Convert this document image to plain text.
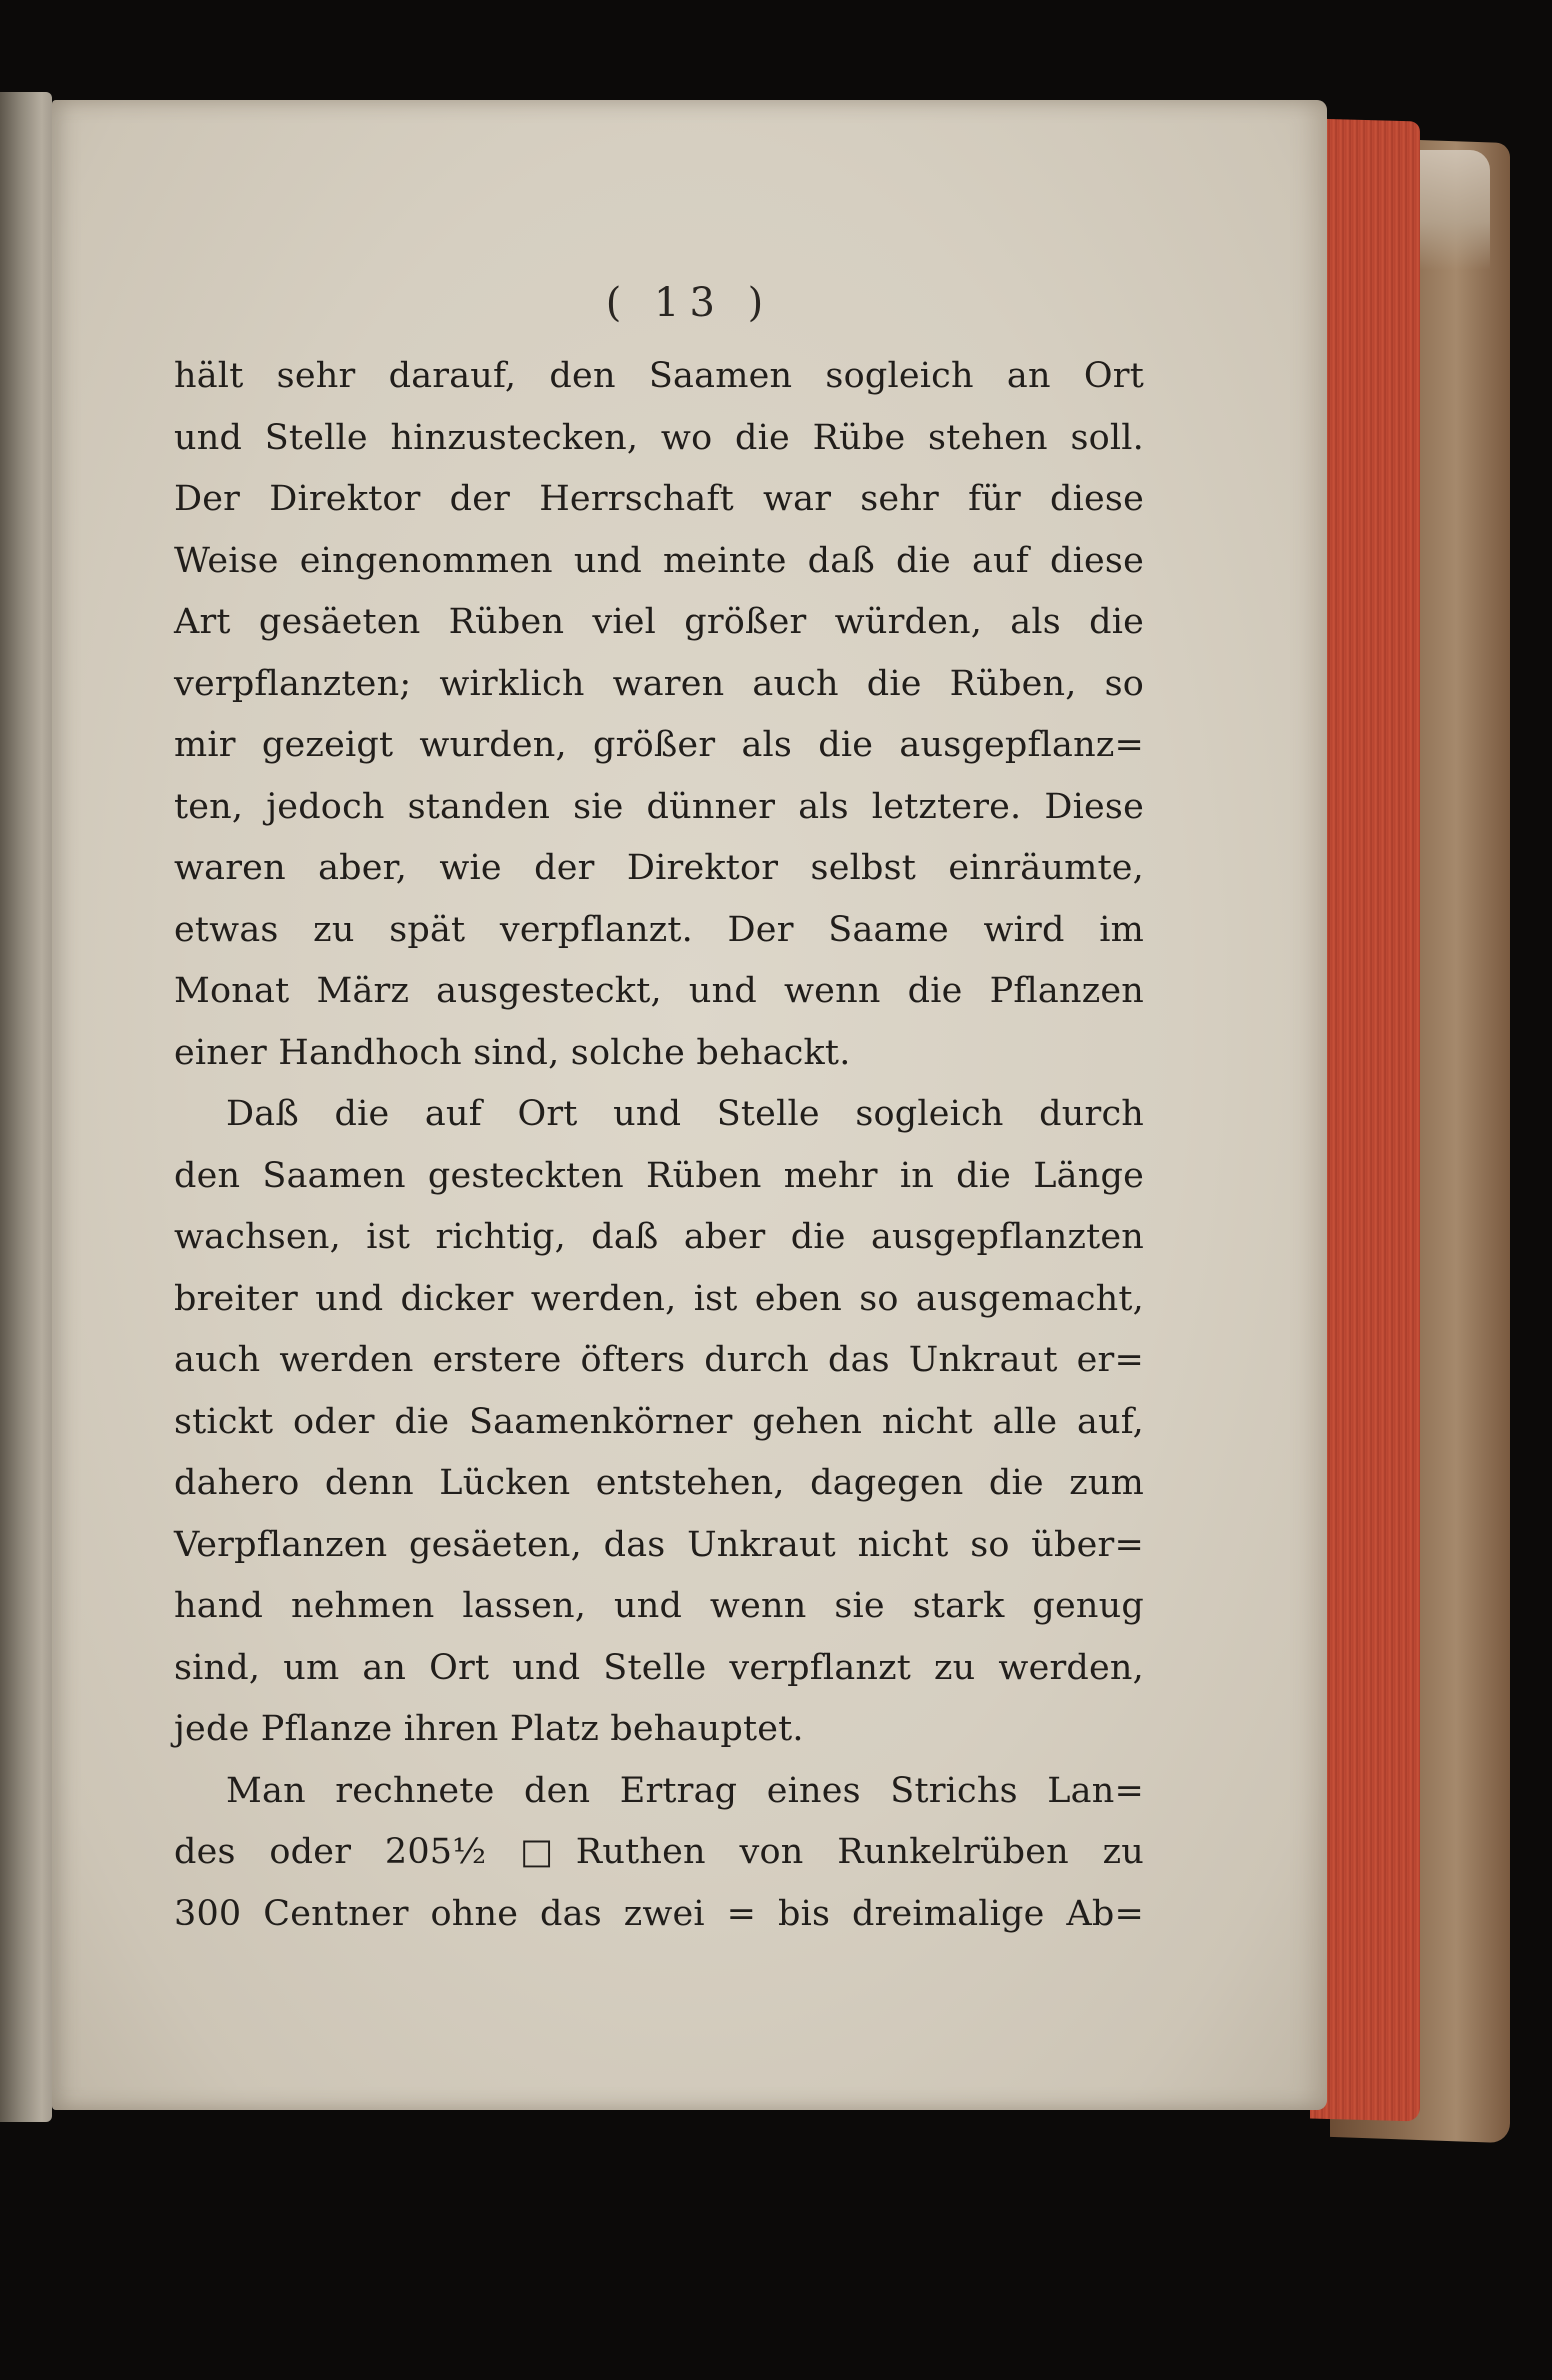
( 13 )
hält sehr darauf, den Saamen sogleich an Ort
und Stelle hinzustecken, wo die Rübe stehen soll.
Der Direktor der Herrschaft war sehr für diese
Weise eingenommen und meinte daß die auf diese
Art gesäeten Rüben viel größer würden, als die
verpflanzten; wirklich waren auch die Rüben, so
mir gezeigt wurden, größer als die ausgepflanz=
ten, jedoch standen sie dünner als letztere. Diese
waren aber, wie der Direktor selbst einräumte,
etwas zu spät verpflanzt. Der Saame wird im
Monat März ausgesteckt, und wenn die Pflanzen
einer Handhoch sind, solche behackt.
Daß die auf Ort und Stelle sogleich durch
den Saamen gesteckten Rüben mehr in die Länge
wachsen, ist richtig, daß aber die ausgepflanzten
breiter und dicker werden, ist eben so ausgemacht,
auch werden erstere öfters durch das Unkraut er=
stickt oder die Saamenkörner gehen nicht alle auf,
dahero denn Lücken entstehen, dagegen die zum
Verpflanzen gesäeten, das Unkraut nicht so über=
hand nehmen lassen, und wenn sie stark genug
sind, um an Ort und Stelle verpflanzt zu werden,
jede Pflanze ihren Platz behauptet.
Man rechnete den Ertrag eines Strichs Lan=
des oder 205½ □Ruthen von Runkelrüben zu
300 Centner ohne das zwei = bis dreimalige Ab=
